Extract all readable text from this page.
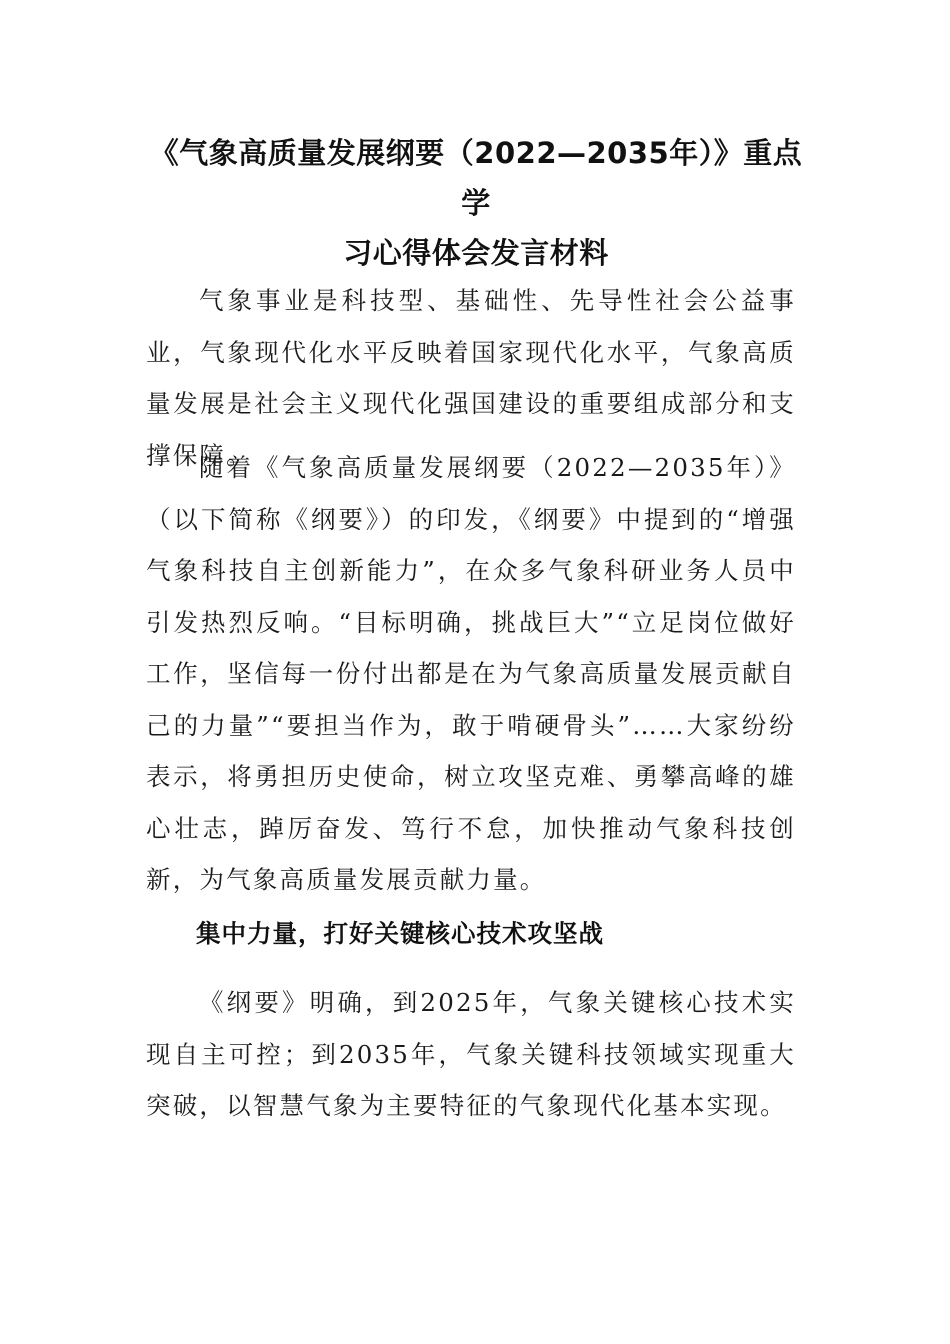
《气象高质量发展纲要（2022—2035年）》重点学
习心得体会发言材料

气象事业是科技型、基础性、先导性社会公益事业，气象现代化水平反映着国家现代化水平，气象高质量发展是社会主义现代化强国建设的重要组成部分和支撑保障。

随着《气象高质量发展纲要（2022—2035年）》（以下简称《纲要》）的印发，《纲要》中提到的“增强气象科技自主创新能力”，在众多气象科研业务人员中引发热烈反响。“目标明确，挑战巨大”“立足岗位做好工作，坚信每一份付出都是在为气象高质量发展贡献自己的力量”“要担当作为，敢于啃硬骨头”……大家纷纷表示，将勇担历史使命，树立攻坚克难、勇攀高峰的雄心壮志，踔厉奋发、笃行不怠，加快推动气象科技创新，为气象高质量发展贡献力量。

集中力量，打好关键核心技术攻坚战

《纲要》明确，到2025年，气象关键核心技术实现自主可控；到2035年，气象关键科技领域实现重大突破，以智慧气象为主要特征的气象现代化基本实现。
